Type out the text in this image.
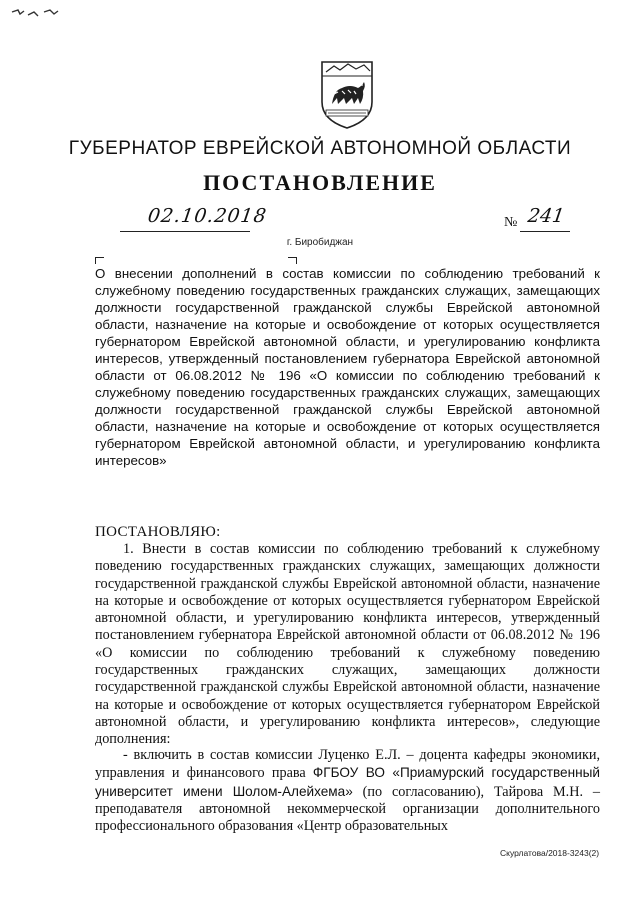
ГУБЕРНАТОР ЕВРЕЙСКОЙ АВТОНОМНОЙ ОБЛАСТИ
ПОСТАНОВЛЕНИЕ
02.10.2018	№ 241
г. Биробиджан

О внесении дополнений в состав комиссии по соблюдению требований к служебному поведению государственных гражданских служащих, замещающих должности государственной гражданской службы Еврейской автономной области, назначение на которые и освобождение от которых осуществляется губернатором Еврейской автономной области, и урегулированию конфликта интересов, утвержденный постановлением губернатора Еврейской автономной области от 06.08.2012 № 196 «О комиссии по соблюдению требований к служебному поведению государственных гражданских служащих, замещающих должности государственной гражданской службы Еврейской автономной области, назначение на которые и освобождение от которых осуществляется губернатором Еврейской автономной области, и урегулированию конфликта интересов»

ПОСТАНОВЛЯЮ:

1. Внести в состав комиссии по соблюдению требований к служебному поведению государственных гражданских служащих, замещающих должности государственной гражданской службы Еврейской автономной области, назначение на которые и освобождение от которых осуществляется губернатором Еврейской автономной области, и урегулированию конфликта интересов, утвержденный постановлением губернатора Еврейской автономной области от 06.08.2012 № 196 «О комиссии по соблюдению требований к служебному поведению государственных гражданских служащих, замещающих должности государственной гражданской службы Еврейской автономной области, назначение на которые и освобождение от которых осуществляется губернатором Еврейской автономной области, и урегулированию конфликта интересов», следующие дополнения:

- включить в состав комиссии Луценко Е.Л. – доцента кафедры экономики, управления и финансового права ФГБОУ ВО «Приамурский государственный университет имени Шолом-Алейхема» (по согласованию), Тайрова М.Н. – преподавателя автономной некоммерческой организации дополнительного профессионального образования «Центр образовательных

Скурлатова/2018-3243(2)
